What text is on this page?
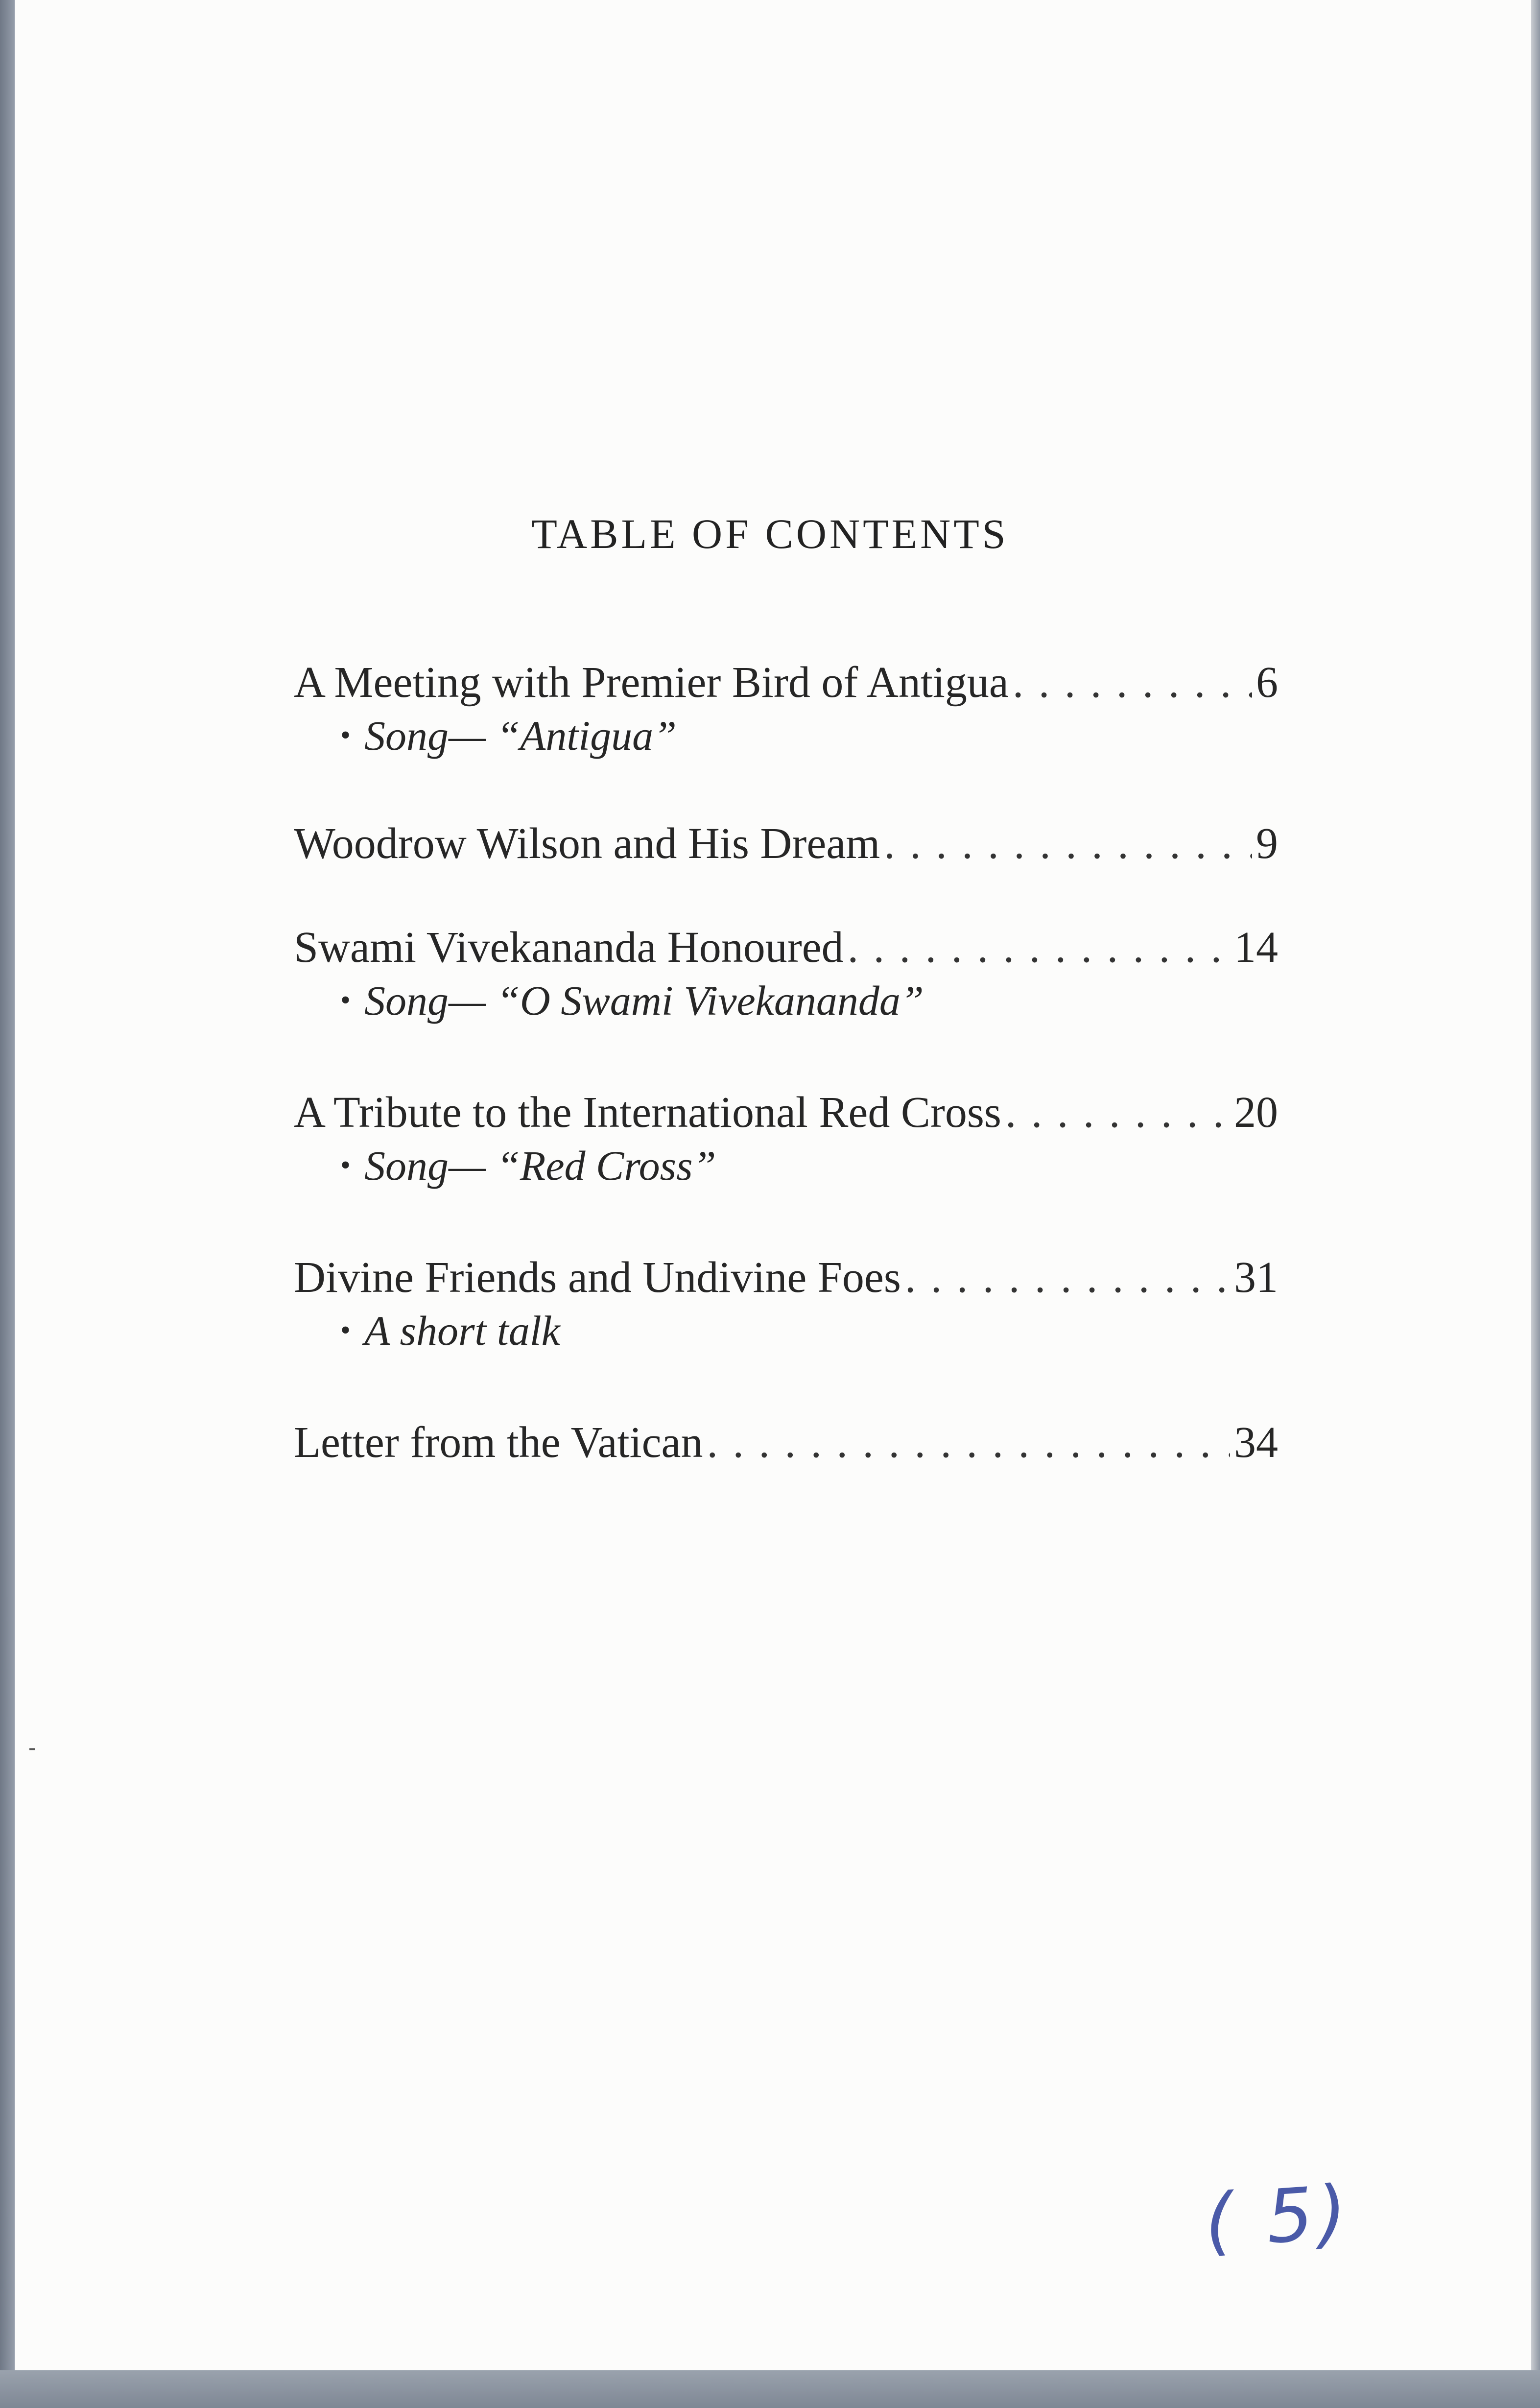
TABLE OF CONTENTS
A Meeting with Premier Bird of Antigua . . .	6
• Song— “Antigua”
Woodrow Wilson and His Dream . . .	9
Swami Vivekananda Honoured . . .	14
• Song— “O Swami Vivekananda”
A Tribute to the International Red Cross . . .	20
• Song— “Red Cross”
Divine Friends and Undivine Foes . . .	31
• A short talk
Letter from the Vatican . . .	34
( 5)
